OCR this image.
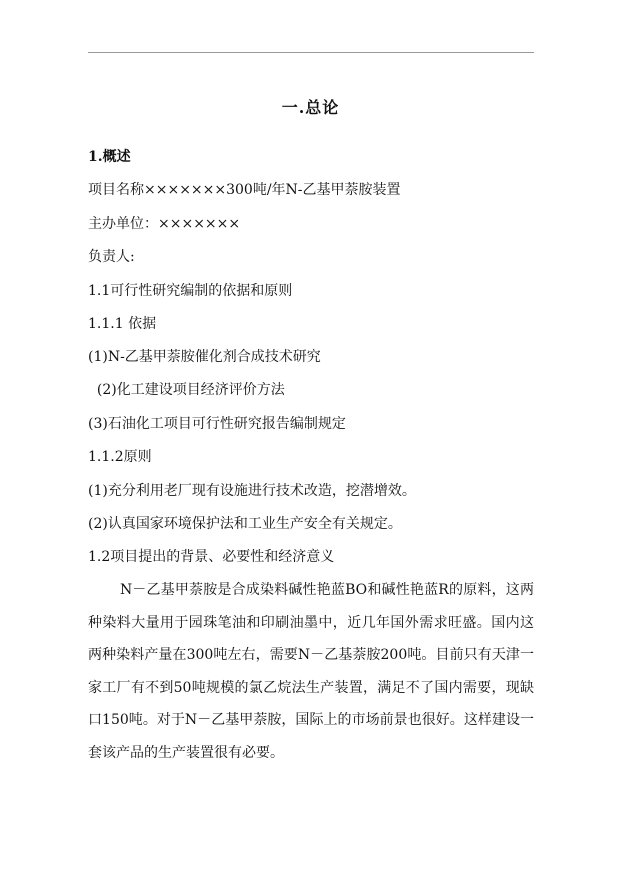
一.总论
1.概述
项目名称×××××××300吨/年N-乙基甲萘胺装置
主办单位：×××××××
负责人:
1.1可行性研究编制的依据和原则
1.1.1 依据
(1)N-乙基甲萘胺催化剂合成技术研究
(2)化工建设项目经济评价方法
(3)石油化工项目可行性研究报告编制规定
1.1.2原则
(1)充分利用老厂现有设施进行技术改造，挖潜增效。
(2)认真国家环境保护法和工业生产安全有关规定。
1.2项目提出的背景、必要性和经济意义
N－乙基甲萘胺是合成染料碱性艳蓝BO和碱性艳蓝R的原料，这两种染料大量用于园珠笔油和印刷油墨中，近几年国外需求旺盛。国内这两种染料产量在300吨左右，需要N－乙基萘胺200吨。目前只有天津一家工厂有不到50吨规模的氯乙烷法生产装置，满足不了国内需要，现缺口150吨。对于N－乙基甲萘胺，国际上的市场前景也很好。这样建设一套该产品的生产装置很有必要。
